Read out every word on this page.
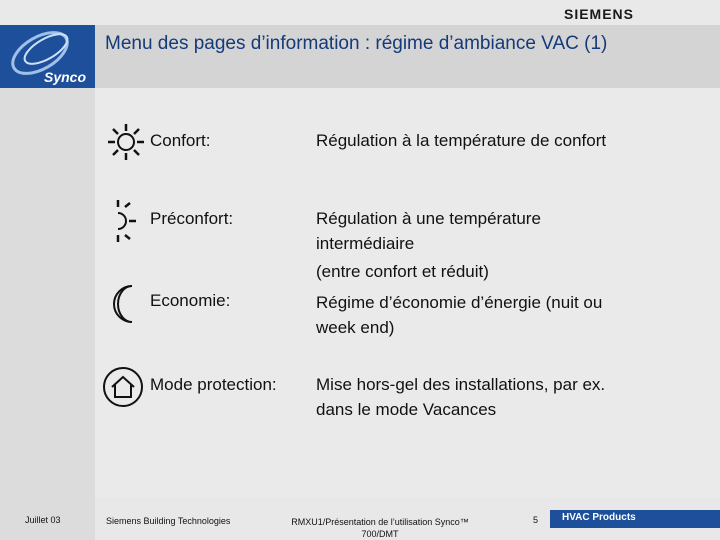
SIEMENS
Synco
Menu des pages d’information : régime d’ambiance VAC (1)
Confort:	Régulation à la température de confort
Préconfort:	Régulation à une température
intermédiaire
(entre confort et réduit)
Economie:	Régime d’économie d’énergie (nuit ou
week end)
Mode protection: Mise hors-gel des installations, par ex.
dans le mode Vacances
Juillet 03	Siemens Building Technologies	RMXU1/Présentation de l’utilisation Synco™
700/DMT
5 HVAC Products
